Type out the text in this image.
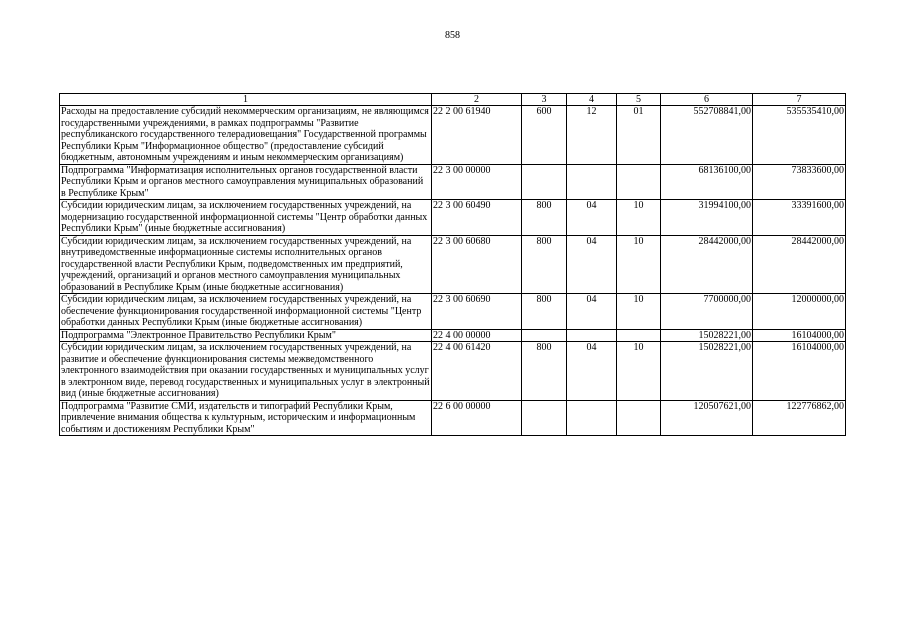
858
1	2	3	4	5	6	7
Расходы на предоставление субсидий некоммерческим организациям, не являющимся государственными учреждениями, в рамках подпрограммы "Развитие республиканского государственного телерадиовещания" Государственной программы Республики Крым "Информационное общество" (предоставление субсидий бюджетным, автономным учреждениям и иным некоммерческим организациям)	22 2 00 61940	600	12	01	552708841,00	535535410,00
Подпрограмма "Информатизация исполнительных органов государственной власти Республики Крым и органов местного самоуправления муниципальных образований в Республике Крым"	22 3 00 00000				68136100,00	73833600,00
Субсидии юридическим лицам, за исключением государственных учреждений, на модернизацию государственной информационной системы "Центр обработки данных Республики Крым" (иные бюджетные ассигнования)	22 3 00 60490	800	04	10	31994100,00	33391600,00
Субсидии юридическим лицам, за исключением государственных учреждений, на внутриведомственные информационные системы исполнительных органов государственной власти Республики Крым, подведомственных им предприятий, учреждений, организаций и органов местного самоуправления муниципальных образований в Республике Крым (иные бюджетные ассигнования)	22 3 00 60680	800	04	10	28442000,00	28442000,00
Субсидии юридическим лицам, за исключением государственных учреждений, на обеспечение функционирования государственной информационной системы "Центр обработки данных Республики Крым (иные бюджетные ассигнования)	22 3 00 60690	800	04	10	7700000,00	12000000,00
Подпрограмма "Электронное Правительство Республики Крым"	22 4 00 00000				15028221,00	16104000,00
Субсидии юридическим лицам, за исключением государственных учреждений, на развитие и обеспечение функционирования системы межведомственного электронного взаимодействия при оказании государственных и муниципальных услуг в электронном виде, перевод государственных и муниципальных услуг в электронный вид (иные бюджетные ассигнования)	22 4 00 61420	800	04	10	15028221,00	16104000,00
Подпрограмма "Развитие СМИ, издательств и типографий Республики Крым, привлечение внимания общества к культурным, историческим и информационным событиям и достижениям Республики Крым"	22 6 00 00000				120507621,00	122776862,00
